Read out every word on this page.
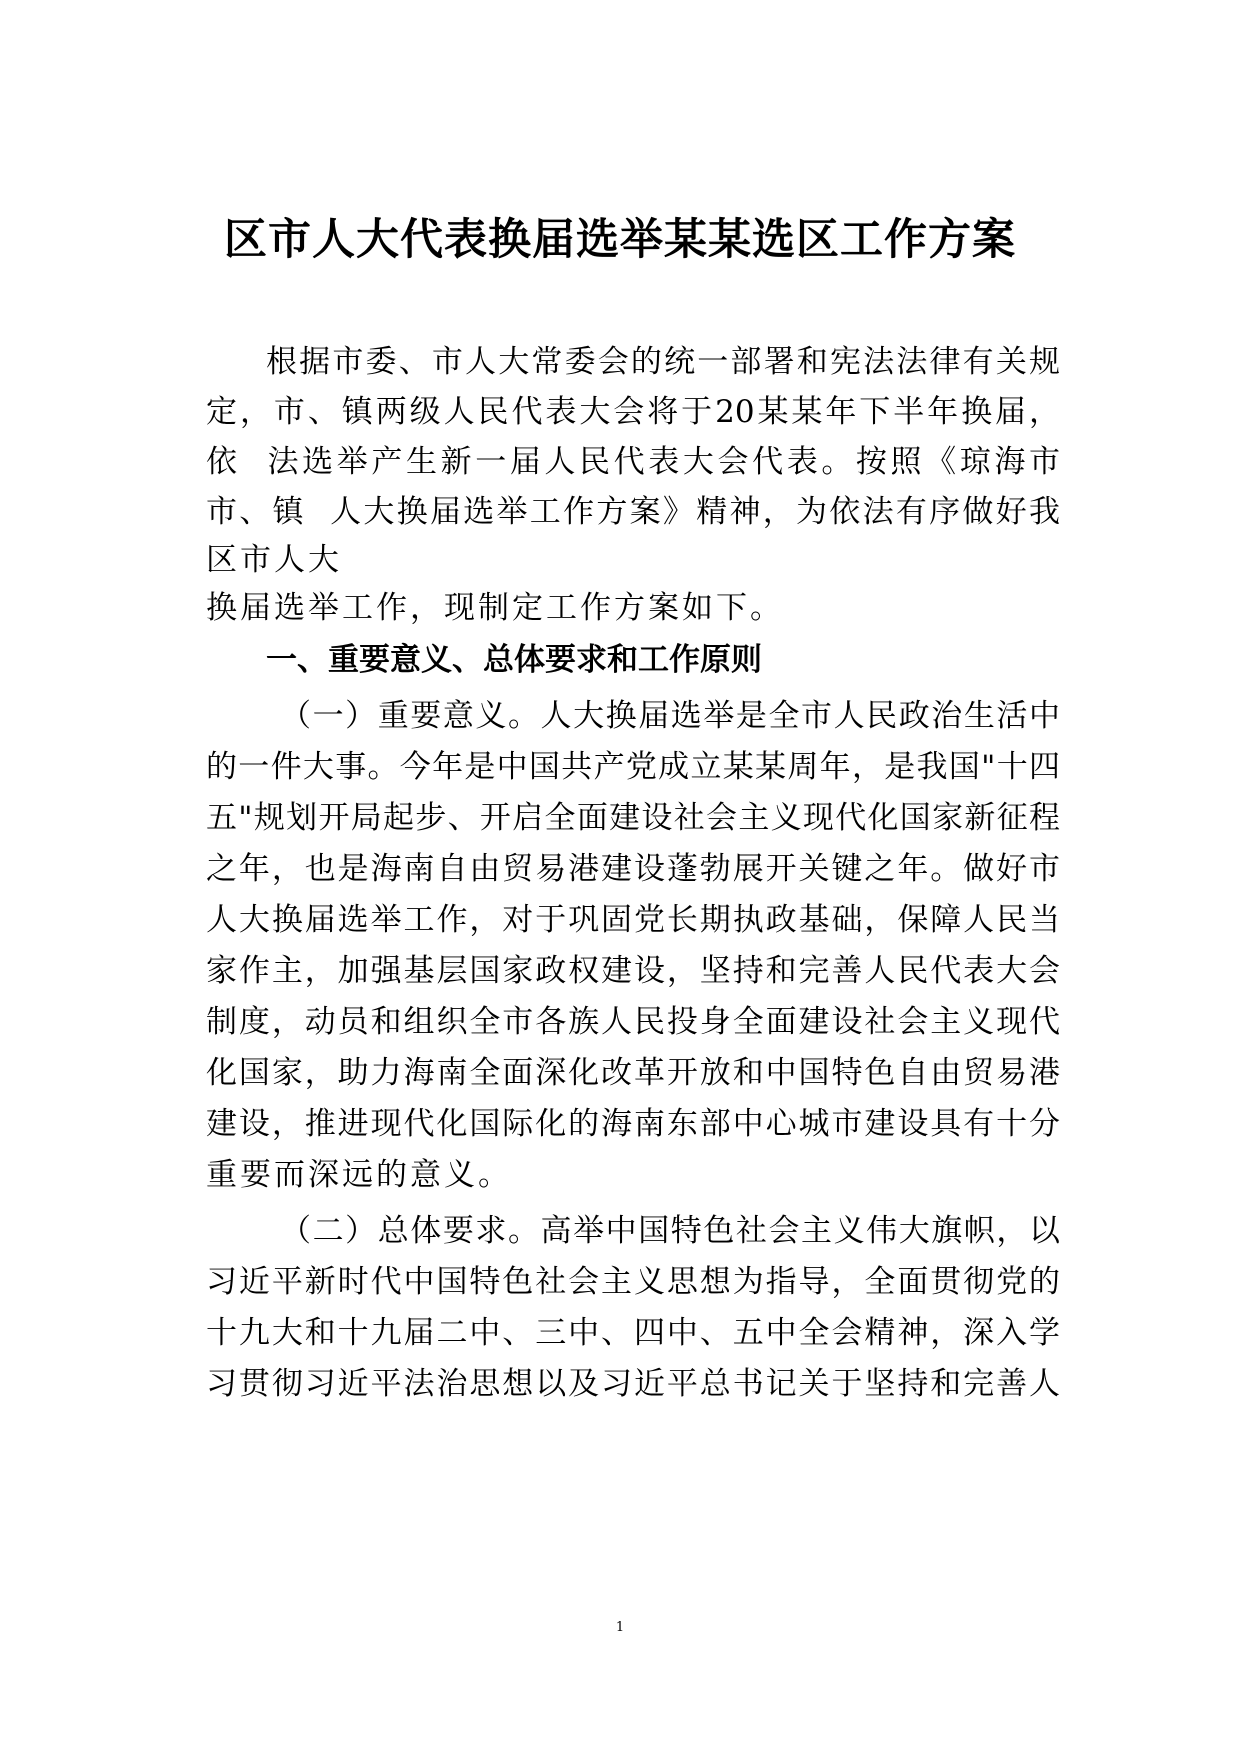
区市人大代表换届选举某某选区工作方案
根据市委、市人大常委会的统一部署和宪法法律有关规
定，市、镇两级人民代表大会将于20某某年下半年换届，
依  法选举产生新一届人民代表大会代表。按照《琼海市
市、镇  人大换届选举工作方案》精神，为依法有序做好我
区市人大
换届选举工作，现制定工作方案如下。
一、重要意义、总体要求和工作原则
（一）重要意义。人大换届选举是全市人民政治生活中
的一件大事。今年是中国共产党成立某某周年，是我国"十四
五"规划开局起步、开启全面建设社会主义现代化国家新征程
之年，也是海南自由贸易港建设蓬勃展开关键之年。做好市
人大换届选举工作，对于巩固党长期执政基础，保障人民当
家作主，加强基层国家政权建设，坚持和完善人民代表大会
制度，动员和组织全市各族人民投身全面建设社会主义现代
化国家，助力海南全面深化改革开放和中国特色自由贸易港
建设，推进现代化国际化的海南东部中心城市建设具有十分
重要而深远的意义。
（二）总体要求。高举中国特色社会主义伟大旗帜，以
习近平新时代中国特色社会主义思想为指导，全面贯彻党的
十九大和十九届二中、三中、四中、五中全会精神，深入学
习贯彻习近平法治思想以及习近平总书记关于坚持和完善人
1
